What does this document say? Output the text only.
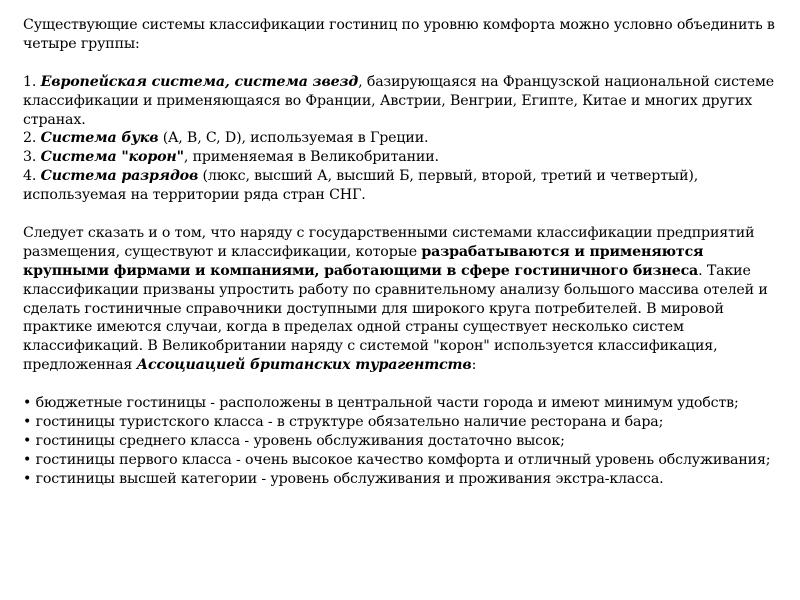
Существующие системы классификации гостиниц по уровню комфорта можно условно объединить в четыре группы:

1. Европейская система, система звезд, базирующаяся на Французской национальной системе классификации и применяющаяся во Франции, Австрии, Венгрии, Египте, Китае и многих других странах.

2. Система букв (A, B, C, D), используемая в Греции.

3. Система "корон", применяемая в Великобритании.

4. Система разрядов (люкс, высший А, высший Б, первый, второй, третий и четвертый), используемая на территории ряда стран СНГ.

Следует сказать и о том, что наряду с государственными системами классификации предприятий размещения, существуют и классификации, которые разрабатываются и применяются крупными фирмами и компаниями, работающими в сфере гостиничного бизнеса. Такие классификации призваны упростить работу по сравнительному анализу большого массива отелей и сделать гостиничные справочники доступными для широкого круга потребителей. В мировой практике имеются случаи, когда в пределах одной страны существует несколько систем классификаций. В Великобритании наряду с системой "корон" используется классификация, предложенная Ассоциацией британских турагентств:

• бюджетные гостиницы - расположены в центральной части города и имеют минимум удобств;

• гостиницы туристского класса - в структуре обязательно наличие ресторана и бара;

• гостиницы среднего класса - уровень обслуживания достаточно высок;

• гостиницы первого класса - очень высокое качество комфорта и отличный уровень обслуживания;

• гостиницы высшей категории - уровень обслуживания и проживания экстра-класса.
